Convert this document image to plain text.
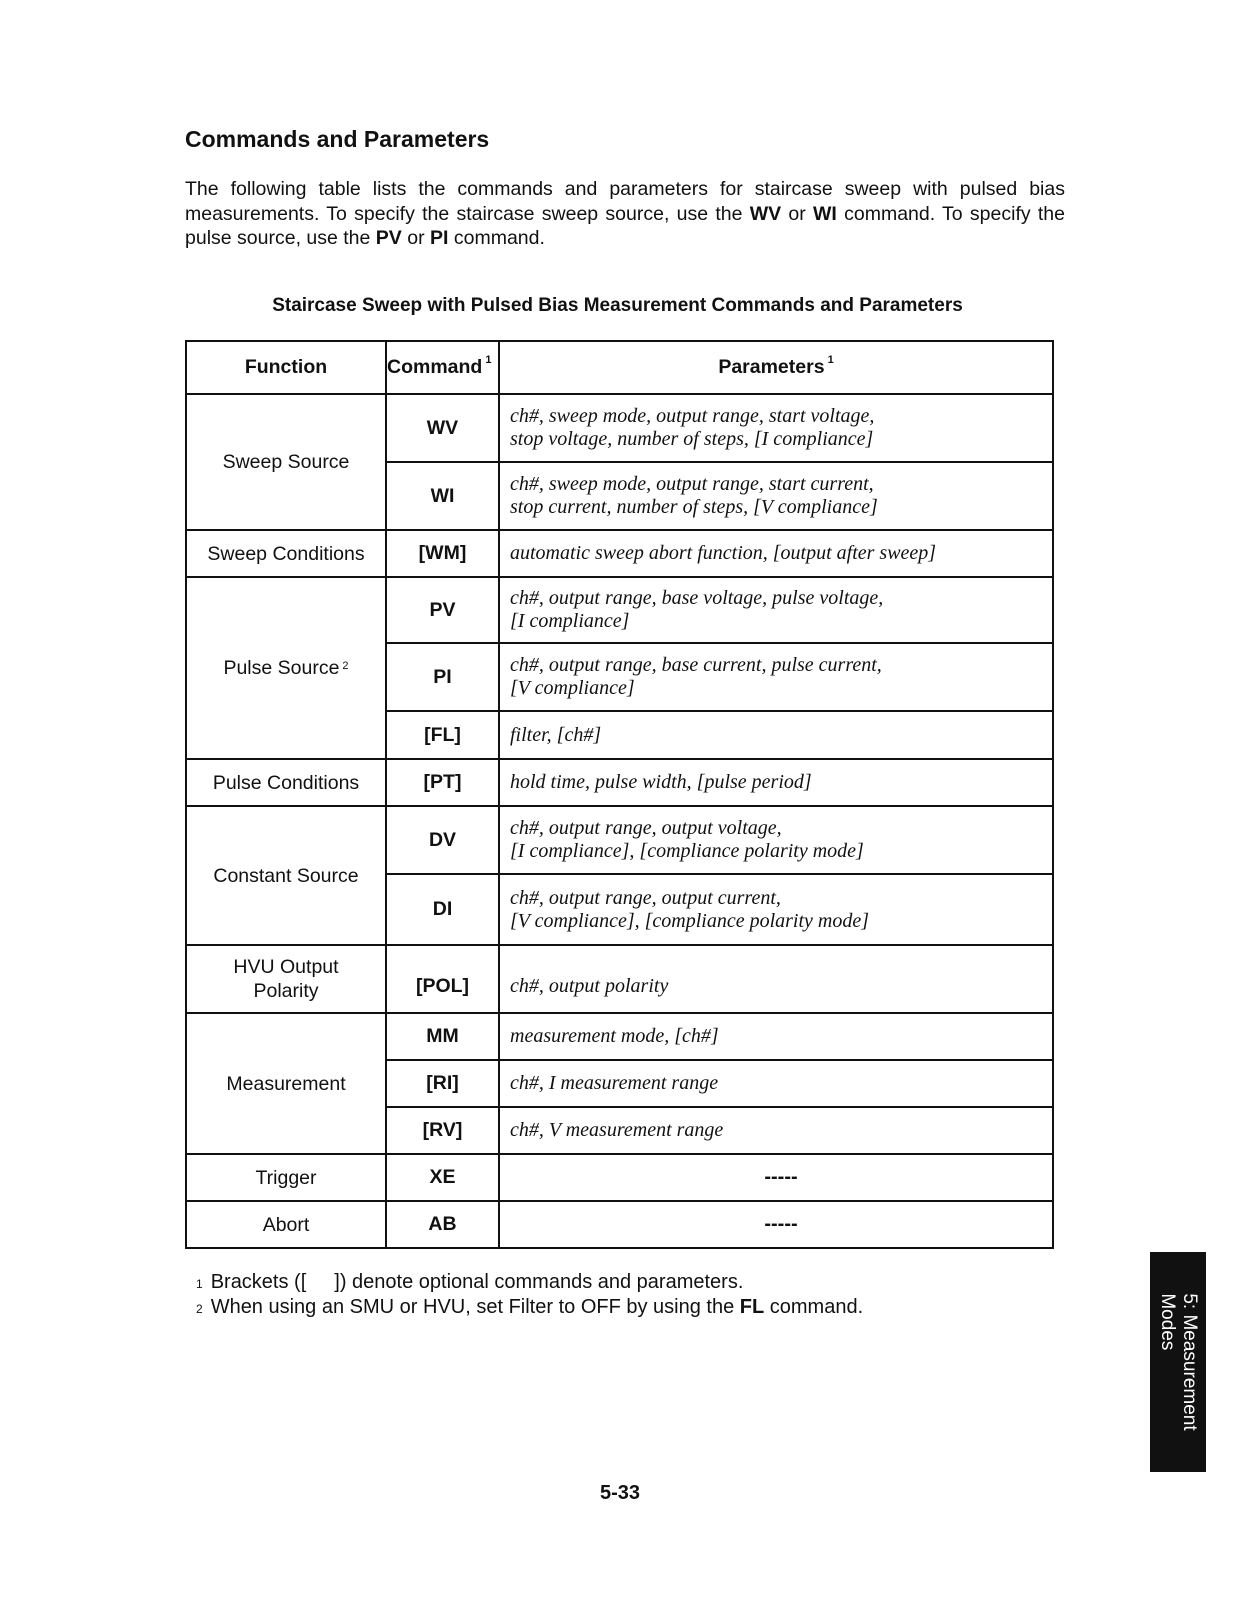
Commands and Parameters

The following table lists the commands and parameters for staircase sweep with pulsed bias measurements. To specify the staircase sweep source, use the WV or WI command. To specify the pulse source, use the PV or PI command.

Staircase Sweep with Pulsed Bias Measurement Commands and Parameters

Function	Command $^1$	Parameters $^1$
Sweep Source	WV	ch#, sweep mode, output range, start voltage,
stop voltage, number of steps, [I compliance]

	WI	ch#, sweep mode, output range, start current,
stop current, number of steps, [V compliance]

Sweep Conditions	[WM]	automatic sweep abort function, [output after sweep]

Pulse Source $^2$	PV	ch#, output range, base voltage, pulse voltage,
[I compliance]

	PI	ch#, output range, base current, pulse current,
[V compliance]

	[FL]	filter, [ch#]

Pulse Conditions	[PT]	hold time, pulse width, [pulse period]

Constant Source	DV	ch#, output range, output voltage,
[I compliance], [compliance polarity mode]

	DI	ch#, output range, output current,
[V compliance], [compliance polarity mode]

HVU Output
Polarity	[POL]	ch#, output polarity

Measurement	MM	measurement mode, [ch#]

	[RI]	ch#, I measurement range

	[RV]	ch#, V measurement range

Trigger	XE	-----
Abort	AB	-----

$^1$ Brackets ([ ]) denote optional commands and parameters.

$^2$ When using an SMU or HVU, set Filter to OFF by using the FL command.

5-33

5: Measurement
Modes
